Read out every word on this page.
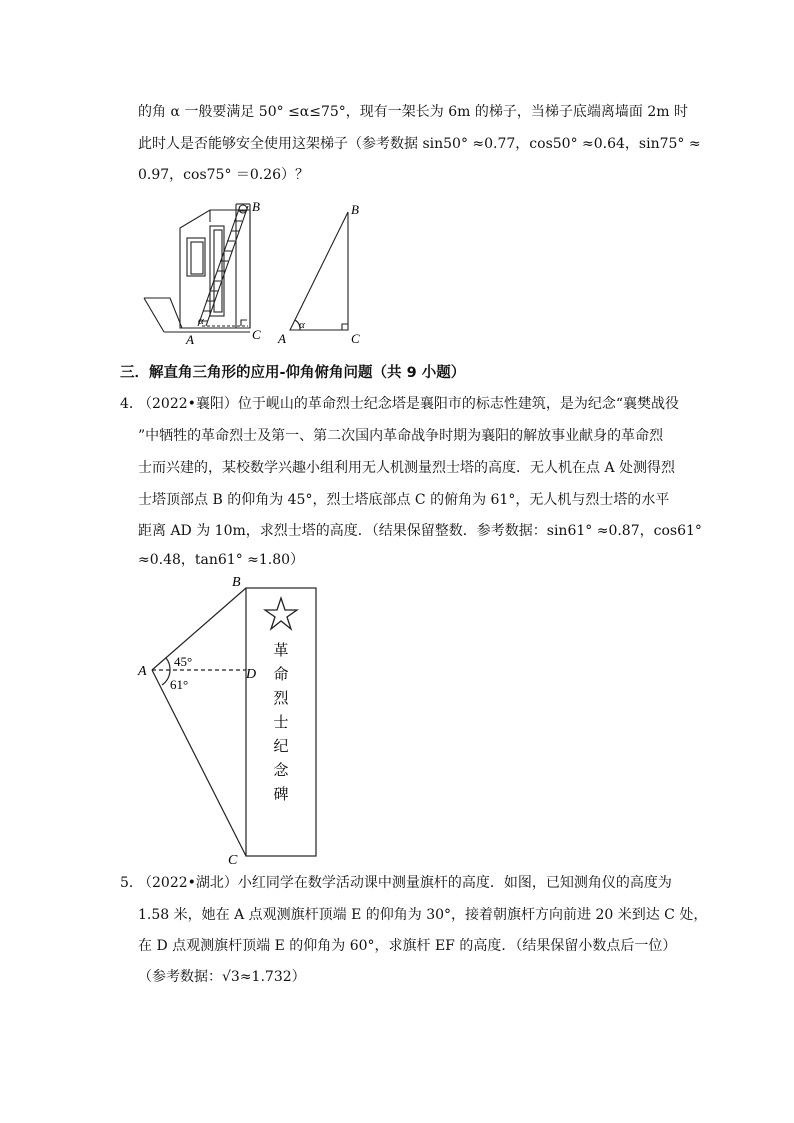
的角 α 一般要满足 50° ≤α≤75°，现有一架长为 6m 的梯子，当梯子底端离墙面 2m 时
此时人是否能够安全使用这架梯子（参考数据 sin50° ≈0.77，cos50° ≈0.64，sin75° ≈
0.97，cos75° ＝0.26）？
B
C
A
α
B
C
A
α
三．解直角三角形的应用-仰角俯角问题（共 9 小题）
4．
（2022•襄阳）位于岘山的革命烈士纪念塔是襄阳市的标志性建筑，是为纪念“襄樊战役
”中牺牲的革命烈士及第一、第二次国内革命战争时期为襄阳的解放事业献身的革命烈
士而兴建的，某校数学兴趣小组利用无人机测量烈士塔的高度．无人机在点 A 处测得烈
士塔顶部点 B 的仰角为 45°，烈士塔底部点 C 的俯角为 61°，无人机与烈士塔的水平
距离 AD 为 10m，求烈士塔的高度．（结果保留整数．参考数据：sin61° ≈0.87，cos61°
≈0.48，tan61° ≈1.80）
B
A	D
C
45°
61°
革
命
烈
士
纪
念
碑
5．
（2022•湖北）小红同学在数学活动课中测量旗杆的高度．如图，已知测角仪的高度为
1.58 米，她在 A 点观测旗杆顶端 E 的仰角为 30°，接着朝旗杆方向前进 20 米到达 C 处，
在 D 点观测旗杆顶端 E 的仰角为 60°，求旗杆 EF 的高度．（结果保留小数点后一位）
（参考数据：√3≈1.732）
